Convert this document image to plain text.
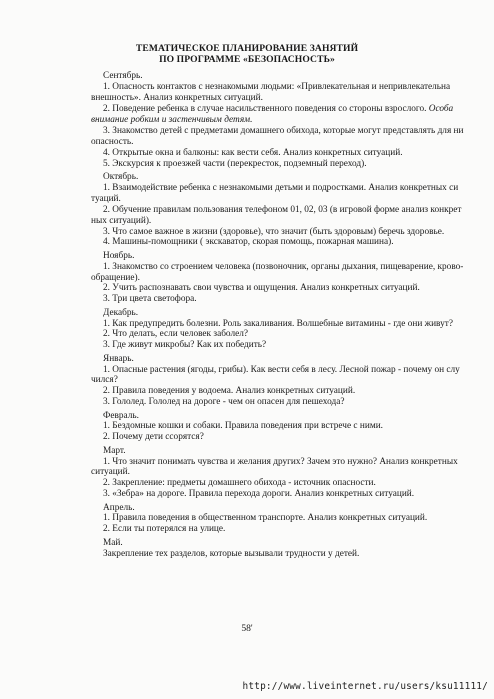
ТЕМАТИЧЕСКОЕ ПЛАНИРОВАНИЕ ЗАНЯТИЙ
ПО ПРОГРАММЕ «БЕЗОПАСНОСТЬ»
Сентябрь.
1. Опасность контактов с незнакомыми людьми: «Привлекательная и непривлекательна внешность». Анализ конкретных ситуаций.
2. Поведение ребенка в случае насильственного поведения со стороны взрослого. Особа внимание робким и застенчивым детям.
3. Знакомство детей с предметами домашнего обихода, которые могут представлять для ни опасность.
4. Открытые окна и балконы: как вести себя. Анализ конкретных ситуаций.
5. Экскурсия к проезжей части (перекресток, подземный переход).
Октябрь.
1. Взаимодействие ребенка с незнакомыми детьми и подростками. Анализ конкретных си туаций.
2. Обучение правилам пользования телефоном 01, 02, 03 (в игровой форме анализ конкрет ных ситуаций).
3. Что самое важное в жизни (здоровье), что значит (быть здоровым) беречь здоровье.
4. Машины-помощники ( экскаватор, скорая помощь, пожарная машина).
Ноябрь.
1. Знакомство со строением человека (позвоночник, органы дыхания, пищеварение, крово-обращение).
2. Учить распознавать свои чувства и ощущения. Анализ конкретных ситуаций.
3. Три цвета светофора.
Декабрь.
1. Как предупредить болезни. Роль закаливания. Волшебные витамины - где они живут?
2. Что делать, если человек заболел?
3. Где живут микробы? Как их победить?
Январь.
1. Опасные растения (ягоды, грибы). Как вести себя в лесу. Лесной пожар - почему он слу чился?
2. Правила поведения у водоема. Анализ конкретных ситуаций.
3. Гололед. Гололед на дороге - чем он опасен для пешехода?
Февраль.
1. Бездомные кошки и собаки. Правила поведения при встрече с ними.
2. Почему дети ссорятся?
Март.
1. Что значит понимать чувства и желания других? Зачем это нужно? Анализ конкретных ситуаций.
2. Закрепление: предметы домашнего обихода - источник опасности.
3. «Зебра» на дороге. Правила перехода дороги. Анализ конкретных ситуаций.
Апрель.
1. Правила поведения в общественном транспорте. Анализ конкретных ситуаций.
2. Если ты потерялся на улице.
Май.
Закрепление тех разделов, которые вызывали трудности у детей.
58'
http://www.liveinternet.ru/users/ksu11111/
